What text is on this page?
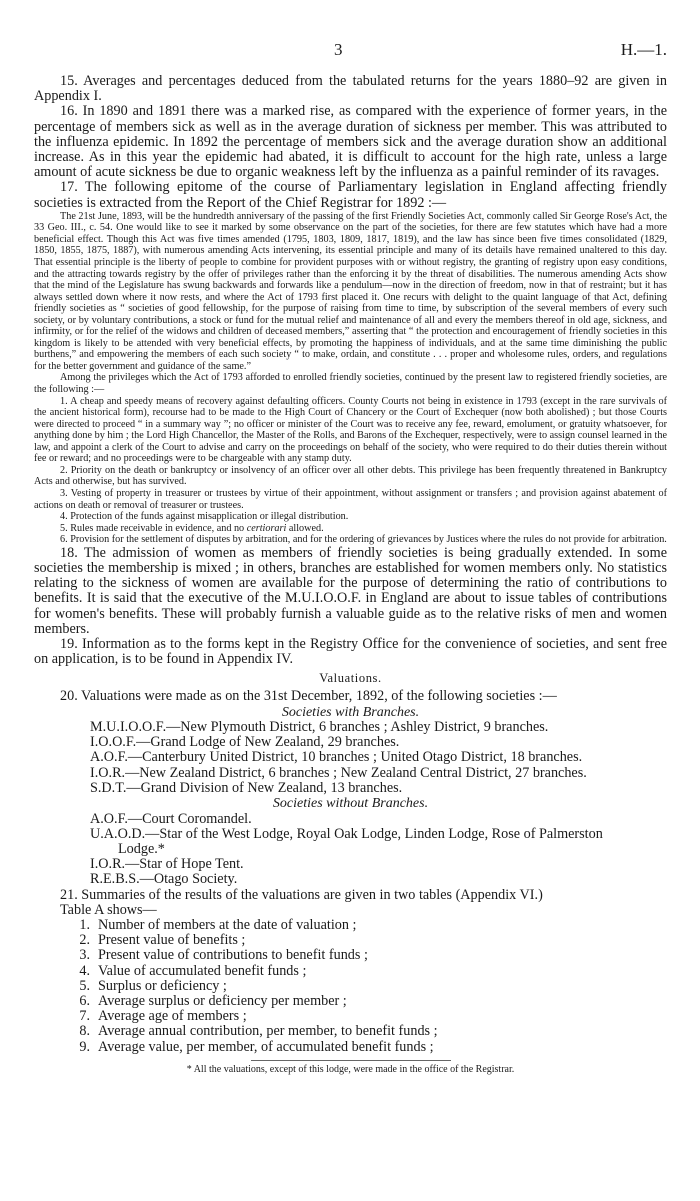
3	H.—1.

15. Averages and percentages deduced from the tabulated returns for the years 1880–92 are given in Appendix I.

16. In 1890 and 1891 there was a marked rise, as compared with the experience of former years, in the percentage of members sick as well as in the average duration of sickness per member. This was attributed to the influenza epidemic. In 1892 the percentage of members sick and the average duration show an additional increase. As in this year the epidemic had abated, it is difficult to account for the high rate, unless a large amount of acute sickness be due to organic weakness left by the influenza as a painful reminder of its ravages.

17. The following epitome of the course of Parliamentary legislation in England affecting friendly societies is extracted from the Report of the Chief Registrar for 1892 :—

The 21st June, 1893, will be the hundredth anniversary of the passing of the first Friendly Societies Act, commonly called Sir George Rose's Act, the 33 Geo. III., c. 54. One would like to see it marked by some observance on the part of the societies, for there are few statutes which have had a more beneficial effect. Though this Act was five times amended (1795, 1803, 1809, 1817, 1819), and the law has since been five times consolidated (1829, 1850, 1855, 1875, 1887), with numerous amending Acts intervening, its essential principle and many of its details have remained unaltered to this day. That essential principle is the liberty of people to combine for provident purposes with or without registry, the granting of registry upon easy conditions, and the attracting towards registry by the offer of privileges rather than the enforcing it by the threat of disabilities. The numerous amending Acts show that the mind of the Legislature has swung backwards and forwards like a pendulum—now in the direction of freedom, now in that of restraint; but it has always settled down where it now rests, and where the Act of 1793 first placed it. One recurs with delight to the quaint language of that Act, defining friendly societies as “ societies of good fellowship, for the purpose of raising from time to time, by subscription of the several members of every such society, or by voluntary contributions, a stock or fund for the mutual relief and maintenance of all and every the members thereof in old age, sickness, and infirmity, or for the relief of the widows and children of deceased members,” asserting that “ the protection and encouragement of friendly societies in this kingdom is likely to be attended with very beneficial effects, by promoting the happiness of individuals, and at the same time diminishing the public burthens,” and empowering the members of each such society “ to make, ordain, and constitute . . . proper and wholesome rules, orders, and regulations for the better government and guidance of the same.”

Among the privileges which the Act of 1793 afforded to enrolled friendly societies, continued by the present law to registered friendly societies, are the following :—

1. A cheap and speedy means of recovery against defaulting officers. County Courts not being in existence in 1793 (except in the rare survivals of the ancient historical form), recourse had to be made to the High Court of Chancery or the Court of Exchequer (now both abolished) ; but those Courts were directed to proceed “ in a summary way ”; no officer or minister of the Court was to receive any fee, reward, emolument, or gratuity whatsoever, for anything done by him ; the Lord High Chancellor, the Master of the Rolls, and Barons of the Exchequer, respectively, were to assign counsel learned in the law, and appoint a clerk of the Court to advise and carry on the proceedings on behalf of the society, who were required to do their duties therein without fee or reward; and no proceedings were to be chargeable with any stamp duty.

2. Priority on the death or bankruptcy or insolvency of an officer over all other debts. This privilege has been frequently threatened in Bankruptcy Acts and otherwise, but has survived.

3. Vesting of property in treasurer or trustees by virtue of their appointment, without assignment or transfers ; and provision against abatement of actions on death or removal of treasurer or trustees.

4. Protection of the funds against misapplication or illegal distribution.

5. Rules made receivable in evidence, and no certiorari allowed.

6. Provision for the settlement of disputes by arbitration, and for the ordering of grievances by Justices where the rules do not provide for arbitration.

18. The admission of women as members of friendly societies is being gradually extended. In some societies the membership is mixed ; in others, branches are established for women members only. No statistics relating to the sickness of women are available for the purpose of determining the ratio of contributions to benefits. It is said that the executive of the M.U.I.O.O.F. in England are about to issue tables of contributions for women's benefits. These will probably furnish a valuable guide as to the relative risks of men and women members.

19. Information as to the forms kept in the Registry Office for the convenience of societies, and sent free on application, is to be found in Appendix IV.

Valuations.

20. Valuations were made as on the 31st December, 1892, of the following societies :—

Societies with Branches.

M.U.I.O.O.F.—New Plymouth District, 6 branches ; Ashley District, 9 branches.

I.O.O.F.—Grand Lodge of New Zealand, 29 branches.

A.O.F.—Canterbury United District, 10 branches ; United Otago District, 18 branches.

I.O.R.—New Zealand District, 6 branches ; New Zealand Central District, 27 branches.

S.D.T.—Grand Division of New Zealand, 13 branches.

Societies without Branches.

A.O.F.—Court Coromandel.

U.A.O.D.—Star of the West Lodge, Royal Oak Lodge, Linden Lodge, Rose of Palmerston

Lodge.*

I.O.R.—Star of Hope Tent.

R.E.B.S.—Otago Society.

21. Summaries of the results of the valuations are given in two tables (Appendix VI.)

Table A shows—

1. Number of members at the date of valuation ;

2. Present value of benefits ;

3. Present value of contributions to benefit funds ;

4. Value of accumulated benefit funds ;

5. Surplus or deficiency ;

6. Average surplus or deficiency per member ;

7. Average age of members ;

8. Average annual contribution, per member, to benefit funds ;

9. Average value, per member, of accumulated benefit funds ;

* All the valuations, except of this lodge, were made in the office of the Registrar.
